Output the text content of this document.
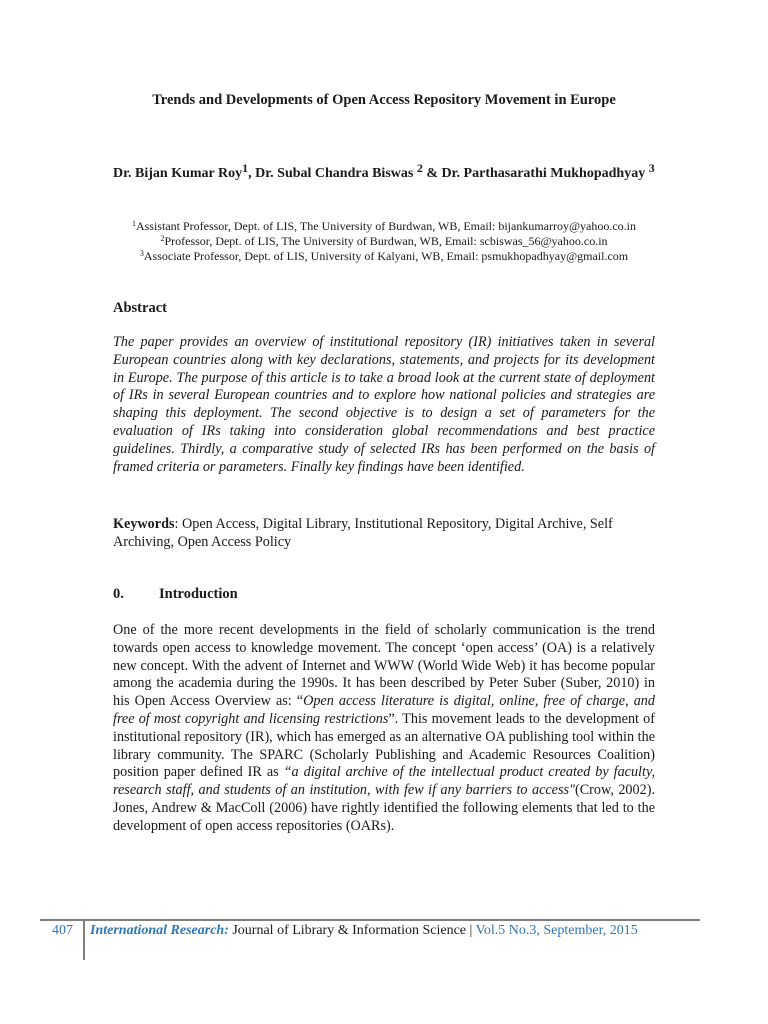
Trends and Developments of Open Access Repository Movement in Europe
Dr. Bijan Kumar Roy$^1$, Dr. Subal Chandra Biswas $^2$ & Dr. Parthasarathi Mukhopadhyay $^3$
$^1$Assistant Professor, Dept. of LIS, The University of Burdwan, WB, Email: bijankumarroy@yahoo.co.in
$^2$Professor, Dept. of LIS, The University of Burdwan, WB, Email: scbiswas_56@yahoo.co.in
$^3$Associate Professor, Dept. of LIS, University of Kalyani, WB, Email: psmukhopadhyay@gmail.com
Abstract
The paper provides an overview of institutional repository (IR) initiatives taken in several European countries along with key declarations, statements, and projects for its development in Europe. The purpose of this article is to take a broad look at the current state of deployment of IRs in several European countries and to explore how national policies and strategies are shaping this deployment. The second objective is to design a set of parameters for the evaluation of IRs taking into consideration global recommendations and best practice guidelines. Thirdly, a comparative study of selected IRs has been performed on the basis of framed criteria or parameters. Finally key findings have been identified.
Keywords: Open Access, Digital Library, Institutional Repository, Digital Archive, Self Archiving, Open Access Policy
0. Introduction
One of the more recent developments in the field of scholarly communication is the trend towards open access to knowledge movement. The concept ‘open access’ (OA) is a relatively new concept. With the advent of Internet and WWW (World Wide Web) it has become popular among the academia during the 1990s. It has been described by Peter Suber (Suber, 2010) in his Open Access Overview as: “Open access literature is digital, online, free of charge, and free of most copyright and licensing restrictions”. This movement leads to the development of institutional repository (IR), which has emerged as an alternative OA publishing tool within the library community. The SPARC (Scholarly Publishing and Academic Resources Coalition) position paper defined IR as “a digital archive of the intellectual product created by faculty, research staff, and students of an institution, with few if any barriers to access"(Crow, 2002). Jones, Andrew & MacColl (2006) have rightly identified the following elements that led to the development of open access repositories (OARs).
407 International Research: Journal of Library & Information Science | Vol.5 No.3, September, 2015
